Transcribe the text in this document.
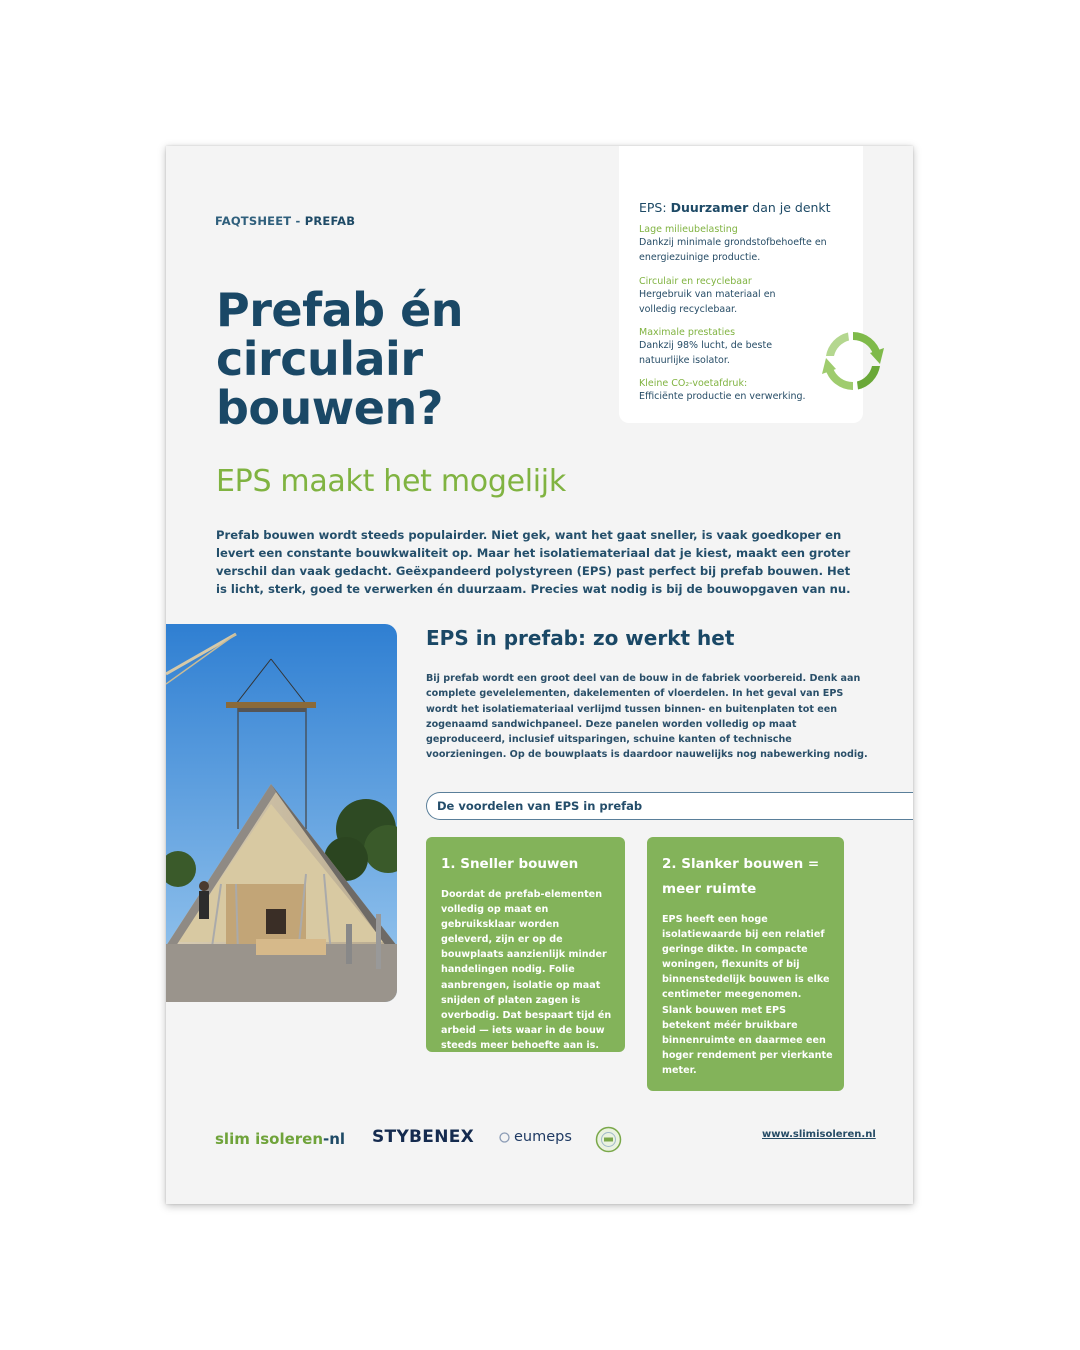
FAQTSHEET - PREFAB
Prefab én circulair bouwen?
EPS maakt het mogelijk
Prefab bouwen wordt steeds populairder. Niet gek, want het gaat sneller, is vaak goedkoper en levert een constante bouwkwaliteit op. Maar het isolatiemateriaal dat je kiest, maakt een groter verschil dan vaak gedacht. Geëxpandeerd polystyreen (EPS) past perfect bij prefab bouwen. Het is licht, sterk, goed te verwerken én duurzaam. Precies wat nodig is bij de bouwopgaven van nu.
EPS: Duurzamer dan je denkt
Lage milieubelasting
Dankzij minimale grondstofbehoefte en energiezuinige productie.
Circulair en recyclebaar
Hergebruik van materiaal en volledig recyclebaar.
Maximale prestaties
Dankzij 98% lucht, de beste natuurlijke isolator.
Kleine CO₂-voetafdruk:
Efficiënte productie en verwerking.
EPS in prefab: zo werkt het
Bij prefab wordt een groot deel van de bouw in de fabriek voorbereid. Denk aan complete gevelelementen, dakelementen of vloerdelen. In het geval van EPS wordt het isolatiemateriaal verlijmd tussen binnen- en buitenplaten tot een zogenaamd sandwichpaneel. Deze panelen worden volledig op maat geproduceerd, inclusief uitsparingen, schuine kanten of technische voorzieningen. Op de bouwplaats is daardoor nauwelijks nog nabewerking nodig.
De voordelen van EPS in prefab
1. Sneller bouwen
Doordat de prefab-elementen volledig op maat en gebruiksklaar worden geleverd, zijn er op de bouwplaats aanzienlijk minder handelingen nodig. Folie aanbrengen, isolatie op maat snijden of platen zagen is overbodig. Dat bespaart tijd én arbeid — iets waar in de bouw steeds meer behoefte aan is.
2. Slanker bouwen = meer ruimte
EPS heeft een hoge isolatiewaarde bij een relatief geringe dikte. In compacte woningen, flexunits of bij binnenstedelijk bouwen is elke centimeter meegenomen. Slank bouwen met EPS betekent méér bruikbare binnenruimte en daarmee een hoger rendement per vierkante meter.
slim isoleren-nl STYBENEX	eumeps	www.slimisoleren.nl
